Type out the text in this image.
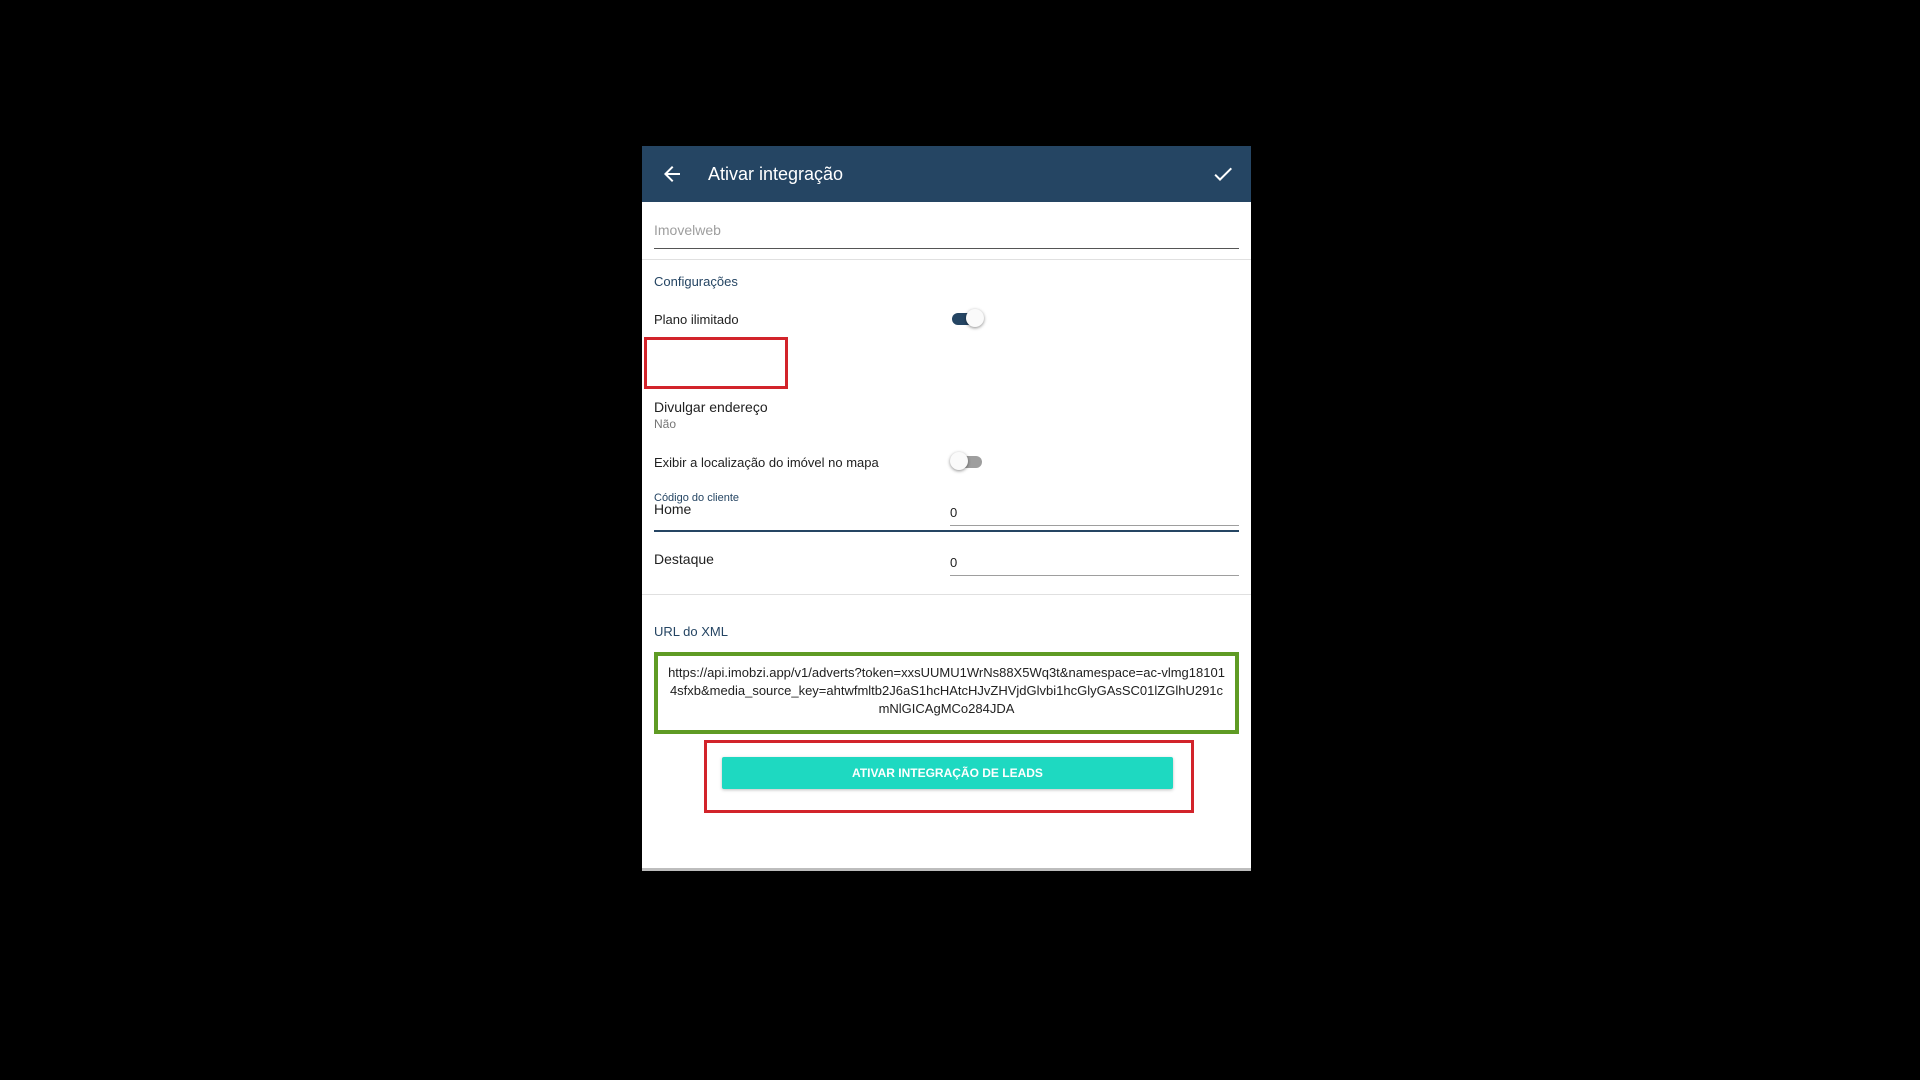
Ativar integração
Imovelweb
Configurações
Plano ilimitado
Código do cliente
Divulgar endereço
Não
Exibir a localização do imóvel no mapa
Home	0
Destaque	0
URL do XML
https://api.imobzi.app/v1/adverts?token=xxsUUMU1WrNs88X5Wq3t&namespace=ac-vlmg181014sfxb&media_source_key=ahtwfmltb2J6aS1hcHAtcHJvZHVjdGlvbi1hcGlyGAsSC01lZGlhU291cmNlGICAgMCo284JDA
ATIVAR INTEGRAÇÃO DE LEADS
